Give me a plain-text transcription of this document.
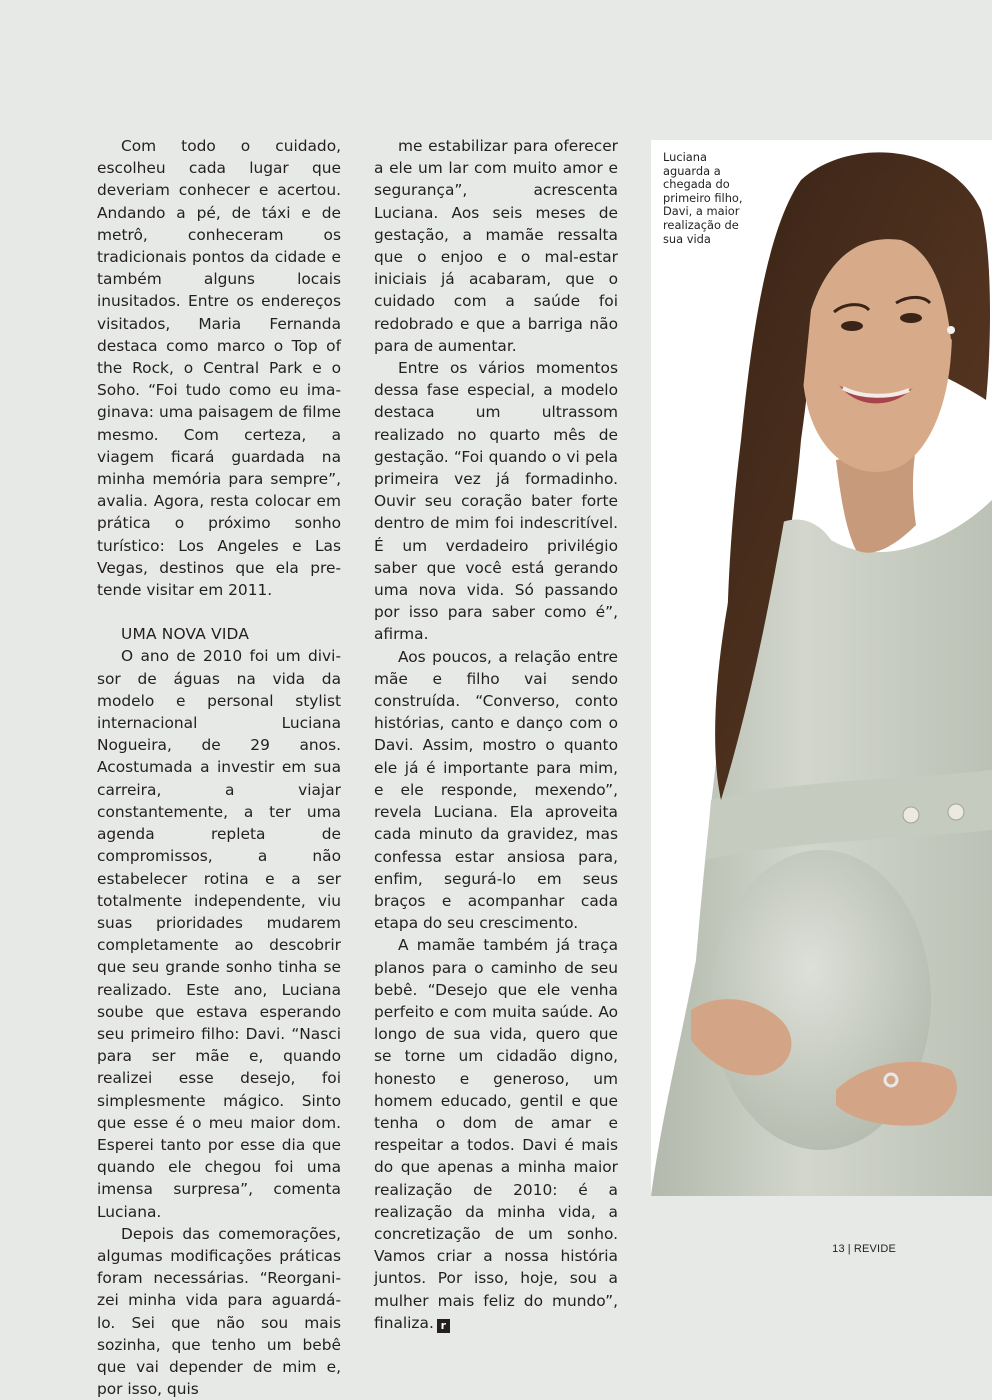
Com todo o cuidado, escolheu cada lugar que deveriam conhecer e acertou. Andando a pé, de táxi e de metrô, conheceram os tradicionais pontos da cidade e também alguns locais inusitados. Entre os endereços visitados, Maria Fernanda destaca como marco o Top of the Rock, o Central Park e o Soho. “Foi tudo como eu imaginava: uma paisagem de filme mesmo. Com certeza, a viagem ficará guardada na minha memória para sempre”, avalia. Agora, resta colocar em prática o próximo sonho turístico: Los Angeles e Las Vegas, destinos que ela pretende visitar em 2011.

UMA NOVA VIDA

O ano de 2010 foi um divisor de águas na vida da modelo e personal stylist internacional Luciana Nogueira, de 29 anos. Acostumada a investir em sua carreira, a viajar constantemente, a ter uma agenda repleta de compromissos, a não estabelecer rotina e a ser totalmente independente, viu suas prioridades mudarem completamente ao descobrir que seu grande sonho tinha se realizado. Este ano, Luciana soube que estava esperando seu primeiro filho: Davi. “Nasci para ser mãe e, quando realizei esse desejo, foi simplesmente mágico. Sinto que esse é o meu maior dom. Esperei tanto por esse dia que quando ele chegou foi uma imensa surpresa”, comenta Luciana.

Depois das comemorações, algumas modificações práticas foram necessárias. “Reorganizei minha vida para aguardá-lo. Sei que não sou mais sozinha, que tenho um bebê que vai depender de mim e, por isso, quis

me estabilizar para oferecer a ele um lar com muito amor e segurança”, acrescenta Luciana. Aos seis meses de gestação, a mamãe ressalta que o enjoo e o mal-estar iniciais já acabaram, que o cuidado com a saúde foi redobrado e que a barriga não para de aumentar.

Entre os vários momentos dessa fase especial, a modelo destaca um ultrassom realizado no quarto mês de gestação. “Foi quando o vi pela primeira vez já formadinho. Ouvir seu coração bater forte dentro de mim foi indescritível. É um verdadeiro privilégio saber que você está gerando uma nova vida. Só passando por isso para saber como é”, afirma.

Aos poucos, a relação entre mãe e filho vai sendo construída. “Converso, conto histórias, canto e danço com o Davi. Assim, mostro o quanto ele já é importante para mim, e ele responde, mexendo”, revela Luciana. Ela aproveita cada minuto da gravidez, mas confessa estar ansiosa para, enfim, segurá-lo em seus braços e acompanhar cada etapa do seu crescimento.

A mamãe também já traça planos para o caminho de seu bebê. “Desejo que ele venha perfeito e com muita saúde. Ao longo de sua vida, quero que se torne um cidadão digno, honesto e generoso, um homem educado, gentil e que tenha o dom de amar e respeitar a todos. Davi é mais do que apenas a minha maior realização de 2010: é a realização da minha vida, a concretização de um sonho. Vamos criar a nossa história juntos. Por isso, hoje, sou a mulher mais feliz do mundo”, finaliza. r

Luciana aguarda a chegada do primeiro filho, Davi, a maior realização de sua vida
13 | REVIDE
